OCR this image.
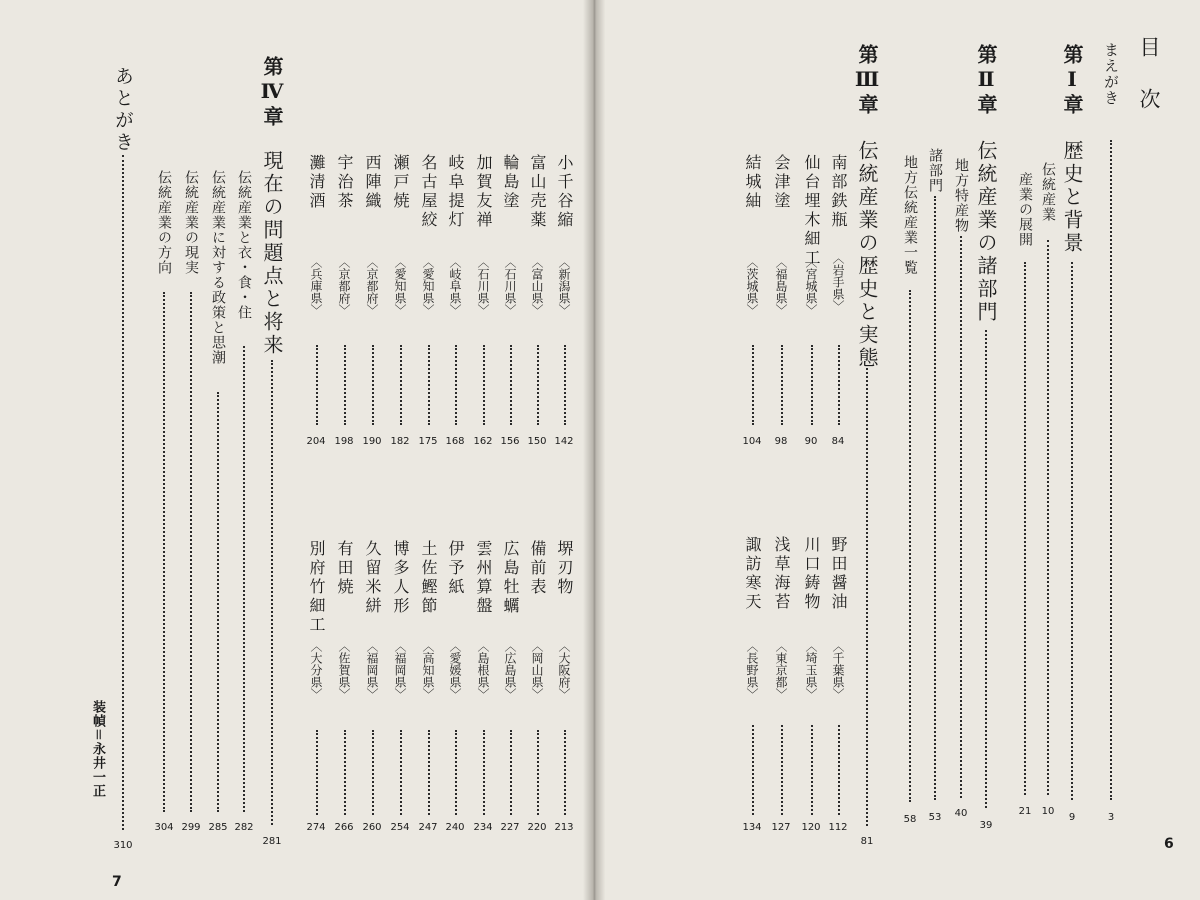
目　次
まえがき
3
第Ⅰ章
歴史と背景
9
伝統産業
10
産業の展開
21
第Ⅱ章
伝統産業の諸部門
39
地方特産物
40
諸部門
53
地方伝統産業一覧
58
第Ⅲ章
伝統産業の歴史と実態
81
南部鉄瓶
〈岩手県〉
84
仙台埋木細工
〈宮城県〉
90
会津塗
〈福島県〉
98
結城紬
〈茨城県〉
104
野田醤油
〈千葉県〉
112
川口鋳物
〈埼玉県〉
120
浅草海苔
〈東京都〉
127
諏訪寒天
〈長野県〉
134
6
小千谷縮
〈新潟県〉
142
富山売薬
〈富山県〉
150
輪島塗
〈石川県〉
156
加賀友禅
〈石川県〉
162
岐阜提灯
〈岐阜県〉
168
名古屋絞
〈愛知県〉
175
瀬戸焼
〈愛知県〉
182
西陣織
〈京都府〉
190
宇治茶
〈京都府〉
198
灘清酒
〈兵庫県〉
204
堺刃物
〈大阪府〉
213
備前表
〈岡山県〉
220
広島牡蠣
〈広島県〉
227
雲州算盤
〈島根県〉
234
伊予紙
〈愛媛県〉
240
土佐鰹節
〈高知県〉
247
博多人形
〈福岡県〉
254
久留米絣
〈福岡県〉
260
有田焼
〈佐賀県〉
266
別府竹細工
〈大分県〉
274
第Ⅳ章
現在の問題点と将来
281
伝統産業と衣・食・住
282
伝統産業に対する政策と思潮
285
伝統産業の現実
299
伝統産業の方向
304
あとがき
310
装幀＝永井一正
7
